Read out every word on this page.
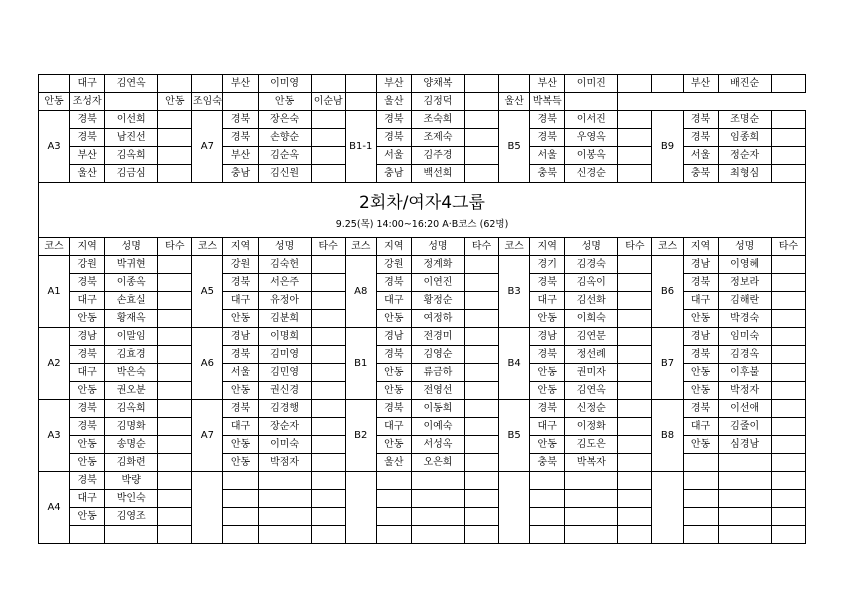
	대구	김연옥			부산	이미영			부산	양채복			부산	이미진			부산	배진순	
안동	조성자		안동	조임숙		안동	이순남		울산	김정덕		울산	박복득						
A3	경북	이선희		A7	경북	장은숙		B1-1	경북	조숙희		B5	경북	이서진		B9	경북	조명순	
	경북	남진선			경북	손향순			경북	조제숙			경북	우영옥			경북	임종희	
	부산	김옥희			부산	김순옥			서울	김주경			서울	이봉옥			서울	정순자	
	울산	김금심			충남	김신원			충남	백선희			충북	신경순			충북	최형심	

2회차/여자4그룹
9.25(목) 14:00~16:20 A·B코스 (62명)																			

코스	지역	성명	타수	코스	지역	성명	타수	코스	지역	성명	타수	코스	지역	성명	타수	코스	지역	성명	타수
A1	강원	박귀현		A5	강원	김숙헌		A8	강원	정계화		B3	경기	김경숙		B6	경남	이영혜	
	경북	이종옥			경북	서은주			경북	이연진			경북	김옥이			경북	정보라	
	대구	손효실			대구	유정아			대구	황정순			대구	김선화			대구	김해란	
	안동	황재옥			안동	김분희			안동	여정하			안동	이희숙			안동	박경숙	
A2	경남	이말임		A6	경남	이명희		B1	경남	전경미		B4	경남	김연문		B7	경남	임미숙	
	경북	김효경			경북	김미영			경북	김영순			경북	정선례			경북	김경옥	
	대구	박은숙			서울	김민영			안동	류금하			안동	권미자			안동	이후불	
	안동	권오분			안동	권신경			안동	전영선			안동	김연옥			안동	박정자	
A3	경북	김옥희		A7	경북	김경행		B2	경북	이동희		B5	경북	신정순		B8	경북	이선애	
	경북	김명화			대구	장순자			대구	이예숙			대구	이정화			대구	김줄이	
	안동	송명순			안동	이미숙			안동	서성옥			안동	김도은			안동	심경남	
	안동	김화련			안동	박점자			울산	오은희			충북	박복자					
A4	경북	박량																	
	대구	박인숙																	
	안동	김영조																	
